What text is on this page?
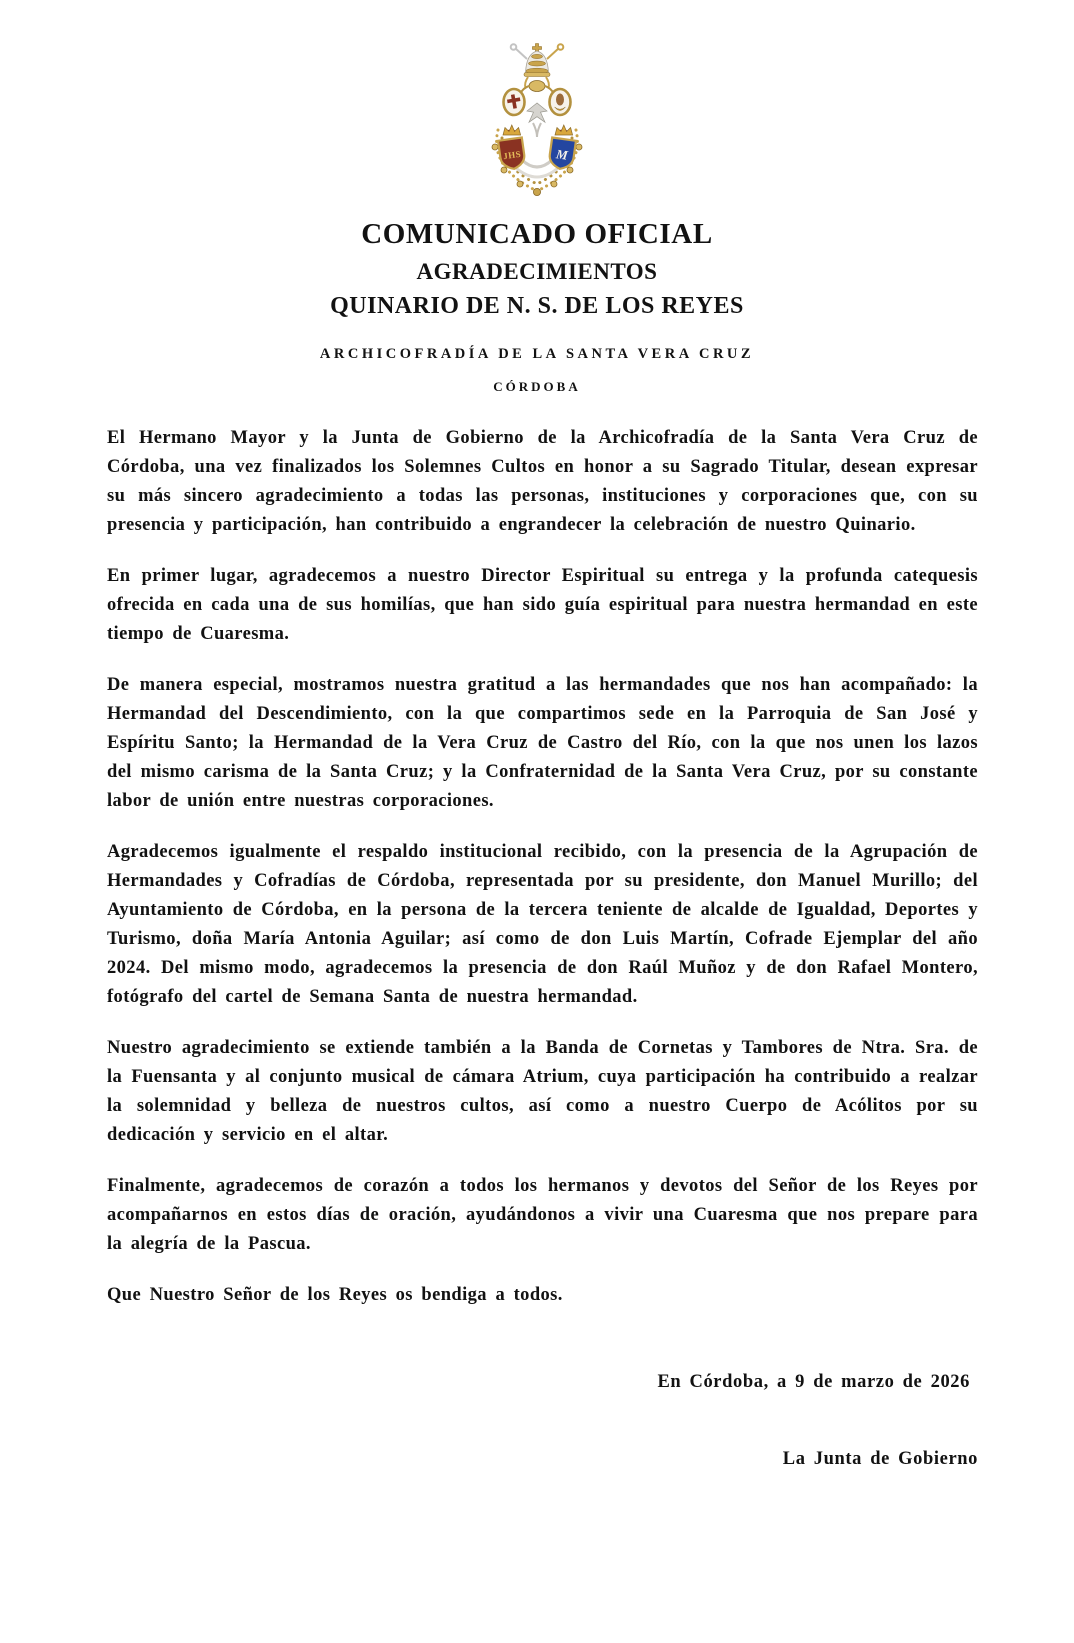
JHS	M
COMUNICADO OFICIAL
AGRADECIMIENTOS
QUINARIO DE N. S. DE LOS REYES
ARCHICOFRADÍA DE LA SANTA VERA CRUZ
CÓRDOBA

El Hermano Mayor y la Junta de Gobierno de la Archicofradía de la Santa Vera Cruz de Córdoba, una vez finalizados los Solemnes Cultos en honor a su Sagrado Titular, desean expresar su más sincero agradecimiento a todas las personas, instituciones y corporaciones que, con su presencia y participación, han contribuido a engrandecer la celebración de nuestro Quinario.

En primer lugar, agradecemos a nuestro Director Espiritual su entrega y la profunda catequesis ofrecida en cada una de sus homilías, que han sido guía espiritual para nuestra hermandad en este tiempo de Cuaresma.

De manera especial, mostramos nuestra gratitud a las hermandades que nos han acompañado: la Hermandad del Descendimiento, con la que compartimos sede en la Parroquia de San José y Espíritu Santo; la Hermandad de la Vera Cruz de Castro del Río, con la que nos unen los lazos del mismo carisma de la Santa Cruz; y la Confraternidad de la Santa Vera Cruz, por su constante labor de unión entre nuestras corporaciones.

Agradecemos igualmente el respaldo institucional recibido, con la presencia de la Agrupación de Hermandades y Cofradías de Córdoba, representada por su presidente, don Manuel Murillo; del Ayuntamiento de Córdoba, en la persona de la tercera teniente de alcalde de Igualdad, Deportes y Turismo, doña María Antonia Aguilar; así como de don Luis Martín, Cofrade Ejemplar del año 2024. Del mismo modo, agradecemos la presencia de don Raúl Muñoz y de don Rafael Montero, fotógrafo del cartel de Semana Santa de nuestra hermandad.

Nuestro agradecimiento se extiende también a la Banda de Cornetas y Tambores de Ntra. Sra. de la Fuensanta y al conjunto musical de cámara Atrium, cuya participación ha contribuido a realzar la solemnidad y belleza de nuestros cultos, así como a nuestro Cuerpo de Acólitos por su dedicación y servicio en el altar.

Finalmente, agradecemos de corazón a todos los hermanos y devotos del Señor de los Reyes por acompañarnos en estos días de oración, ayudándonos a vivir una Cuaresma que nos prepare para la alegría de la Pascua.

Que Nuestro Señor de los Reyes os bendiga a todos.

En Córdoba, a 9 de marzo de 2026
La Junta de Gobierno
